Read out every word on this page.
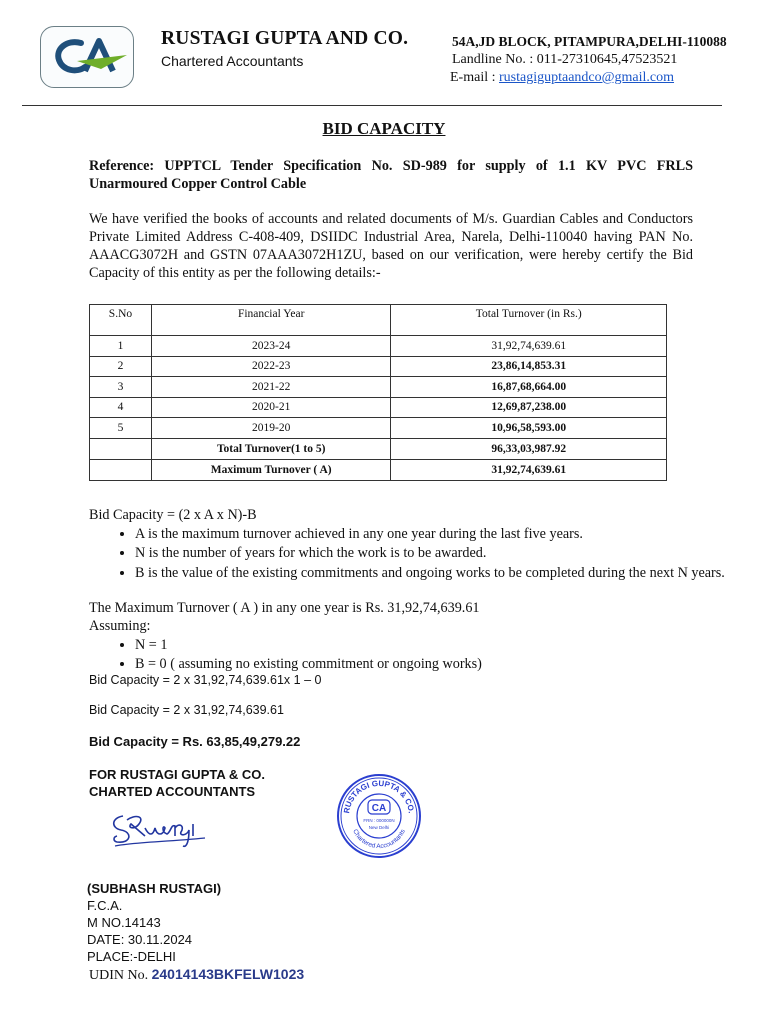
RUSTAGI GUPTA AND CO.
Chartered Accountants
54A,JD BLOCK, PITAMPURA,DELHI-110088
Landline No. : 011-27310645,47523521
E-mail : rustagiguptaandco@gmail.com
BID CAPACITY
Reference: UPPTCL Tender Specification No. SD-989 for supply of 1.1 KV PVC FRLS Unarmoured Copper Control Cable
We have verified the books of accounts and related documents of M/s. Guardian Cables and Conductors Private Limited Address C-408-409, DSIIDC Industrial Area, Narela, Delhi-110040 having PAN No. AAACG3072H and GSTN 07AAA3072H1ZU, based on our verification, were hereby certify the Bid Capacity of this entity as per the following details:-
S.No	Financial Year	Total Turnover (in Rs.)
1	2023-24	31,92,74,639.61
2	2022-23	23,86,14,853.31
3	2021-22	16,87,68,664.00
4	2020-21	12,69,87,238.00
5	2019-20	10,96,58,593.00
	Total Turnover(1 to 5)	96,33,03,987.92
	Maximum Turnover ( A)	31,92,74,639.61
Bid Capacity = (2 x A x N)-B
• A is the maximum turnover achieved in any one year during the last five years.
• N is the number of years for which the work is to be awarded.
• B is the value of the existing commitments and ongoing works to be completed during the next N years.
The Maximum Turnover ( A ) in any one year is Rs. 31,92,74,639.61
Assuming:
• N = 1
• B = 0 ( assuming no existing commitment or ongoing works)
Bid Capacity = 2 x 31,92,74,639.61x 1 – 0
Bid Capacity = 2 x 31,92,74,639.61
Bid Capacity = Rs. 63,85,49,279.22
FOR RUSTAGI GUPTA & CO.
CHARTED ACCOUNTANTS
RUSTAGI GUPTA & CO.
Chartered Accountants
CA
FRN : 000000N
New Delhi
(SUBHASH RUSTAGI)
F.C.A.
M NO.14143
DATE: 30.11.2024
PLACE:-DELHI
UDIN No. 24014143BKFELW1023
